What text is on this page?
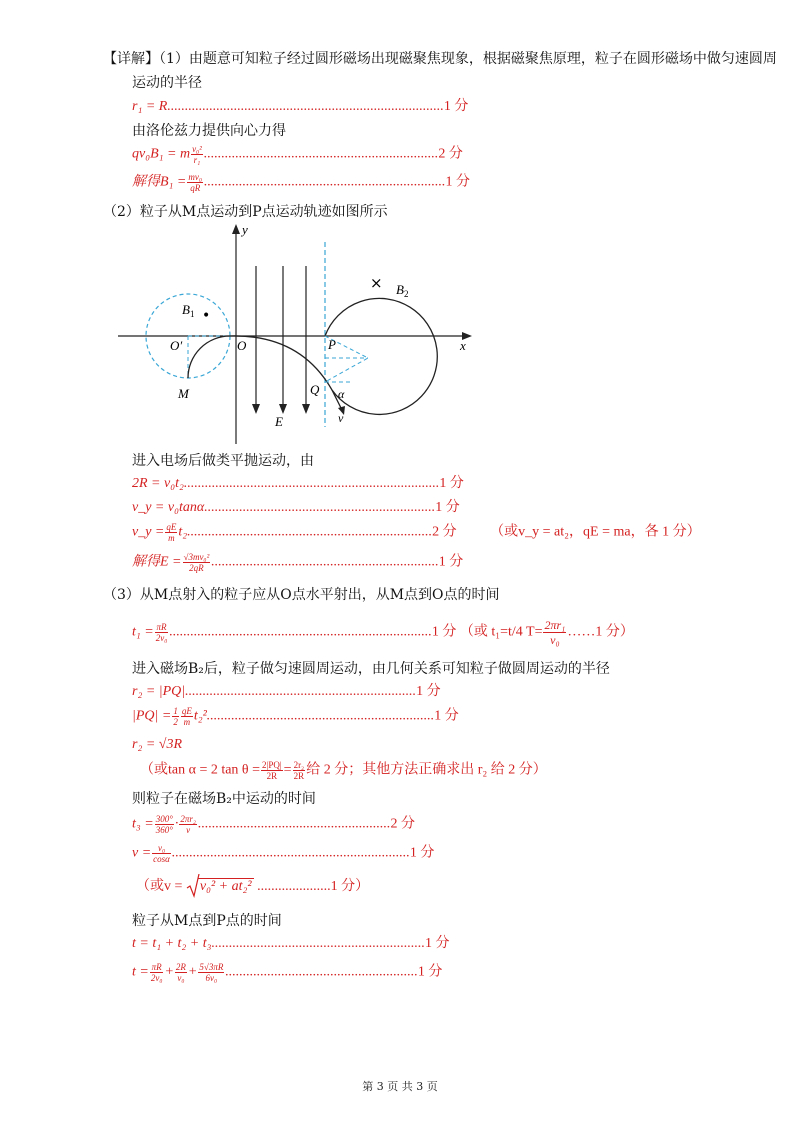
【详解】（1）由题意可知粒子经过圆形磁场出现磁聚焦现象，根据磁聚焦原理，粒子在圆形磁场中做匀速圆周
运动的半径
r₁ = R...............................................................................1 分
由洛伦兹力提供向心力得
qv₀B₁ = m $\frac{\text{v₀²}}{\text{r₁}} ...................................................................2$ 分
解得$B_1 = \frac{\text{mv₀}}{qR} .....................................................................1$ 分
（2）粒子从M点运动到P点运动轨迹如图所示
y
x
$B_1$ •
O′	O
M
E
P
Q α
v
× $B_2$
进入电场后做类平抛运动，由
2R = v₀t₂.........................................................................1 分
v_y = v₀tanα..................................................................1 分
v_y = $\frac{qE}{m} t_2......................................................................2$ 分 （或v_y = at₂，qE = ma，各 1 分）
解得$E = \frac{\text{√3mv₀²}}{2qR} .................................................................1$ 分
（3）从M点射入的粒子应从O点水平射出，从M点到O点的时间
$t_1 = \frac{\pi R}{\text{2v₀}} ...........................................................................1$ 分 （或 t₁=t/4 $T= \frac{\text{2πr₁}}{\text{v₀}}$ ……1 分）
进入磁场B₂后，粒子做匀速圆周运动，由几何关系可知粒子做圆周运动的半径
r₂ = |PQ|..................................................................1 分
$|PQ| = \frac{1}{2} \frac{qE}{m} t_2^2.................................................................1$ 分
r₂ = √3R
（或tan α = 2 $\tan \theta = \frac{2|PQ|}{2R} = \frac{\text{2r₂}}{2R}$ 给 2 分；其他方法正确求出 r₂ 给 2 分）
则粒子在磁场B₂中运动的时间
$t_3 = \frac{300^\circ}{360^\circ} \cdot \frac{\text{2πr₂}}{v} .......................................................2$ 分
$v = \frac{\text{v₀}}{\cos\alpha} ....................................................................1$ 分
（或v = v₀² + at₂² .....................1 分）
粒子从M点到P点的时间
t = t₁ + t₂ + t₃.............................................................1 分
$t = \frac{\pi R}{\text{2v₀}} + \frac{2R}{\text{v₀}} + \frac{5√3\pi R}{\text{6v₀}} .......................................................1$ 分
第 3 页 共 3 页
